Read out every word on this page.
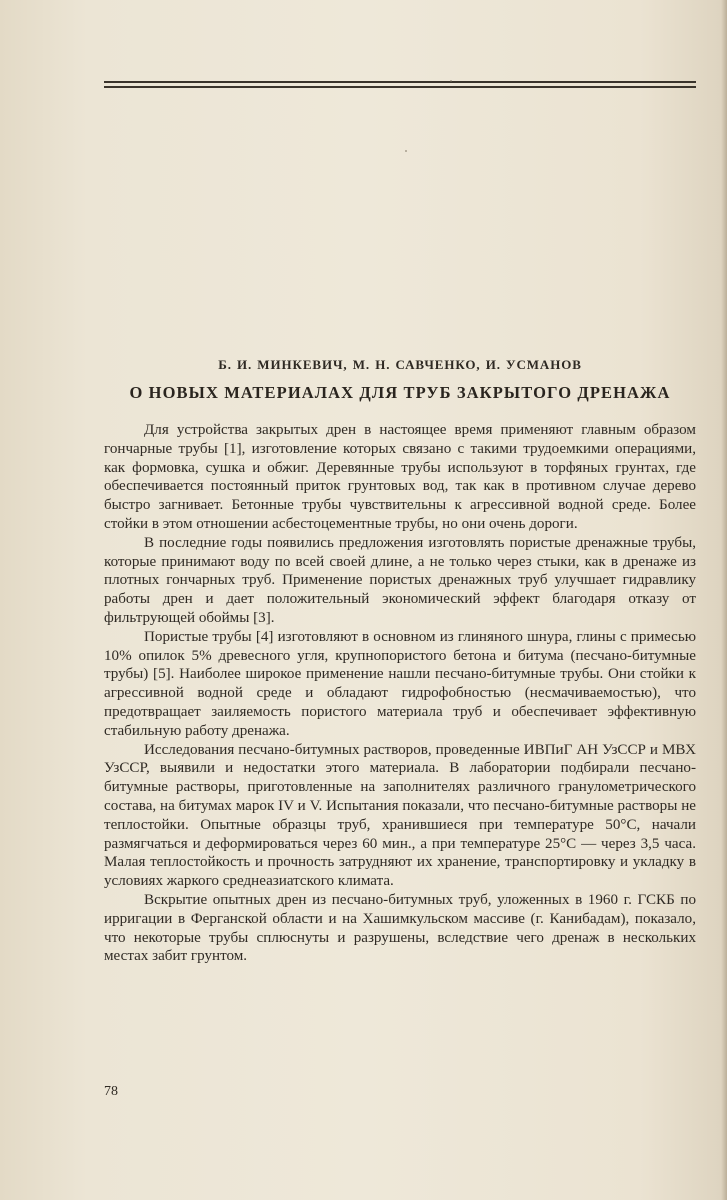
Б. И. МИНКЕВИЧ, М. Н. САВЧЕНКО, И. УСМАНОВ
О НОВЫХ МАТЕРИАЛАХ ДЛЯ ТРУБ ЗАКРЫТОГО ДРЕНАЖА

Для устройства закрытых дрен в настоящее время применяют главным образом гончарные трубы [1], изготовление которых связано с такими трудоемкими операциями, как формовка, сушка и обжиг. Деревянные трубы используют в торфяных грунтах, где обеспечивается постоянный приток грунтовых вод, так как в противном случае дерево быстро загнивает. Бетонные трубы чувствительны к агрессивной водной среде. Более стойки в этом отношении асбестоцементные трубы, но они очень дороги.

В последние годы появились предложения изготовлять пористые дренажные трубы, которые принимают воду по всей своей длине, а не только через стыки, как в дренаже из плотных гончарных труб. Применение пористых дренажных труб улучшает гидравлику работы дрен и дает положительный экономический эффект благодаря отказу от фильтрующей обоймы [3].

Пористые трубы [4] изготовляют в основном из глиняного шнура, глины с примесью 10% опилок 5% древесного угля, крупнопористого бетона и битума (песчано-битумные трубы) [5]. Наиболее широкое применение нашли песчано-битумные трубы. Они стойки к агрессивной водной среде и обладают гидрофобностью (несмачиваемостью), что предотвращает заиляемость пористого материала труб и обеспечивает эффективную стабильную работу дренажа.

Исследования песчано-битумных растворов, проведенные ИВПиГ АН УзССР и МВХ УзССР, выявили и недостатки этого материала. В лаборатории подбирали песчано-битумные растворы, приготовленные на заполнителях различного гранулометрического состава, на битумах марок IV и V. Испытания показали, что песчано-битумные растворы не теплостойки. Опытные образцы труб, хранившиеся при температуре 50°С, начали размягчаться и деформироваться через 60 мин., а при температуре 25°С — через 3,5 часа. Малая теплостойкость и прочность затрудняют их хранение, транспортировку и укладку в условиях жаркого среднеазиатского климата.

Вскрытие опытных дрен из песчано-битумных труб, уложенных в 1960 г. ГСКБ по ирригации в Ферганской области и на Хашимкульском массиве (г. Канибадам), показало, что некоторые трубы сплюснуты и разрушены, вследствие чего дренаж в нескольких местах забит грунтом.

78
